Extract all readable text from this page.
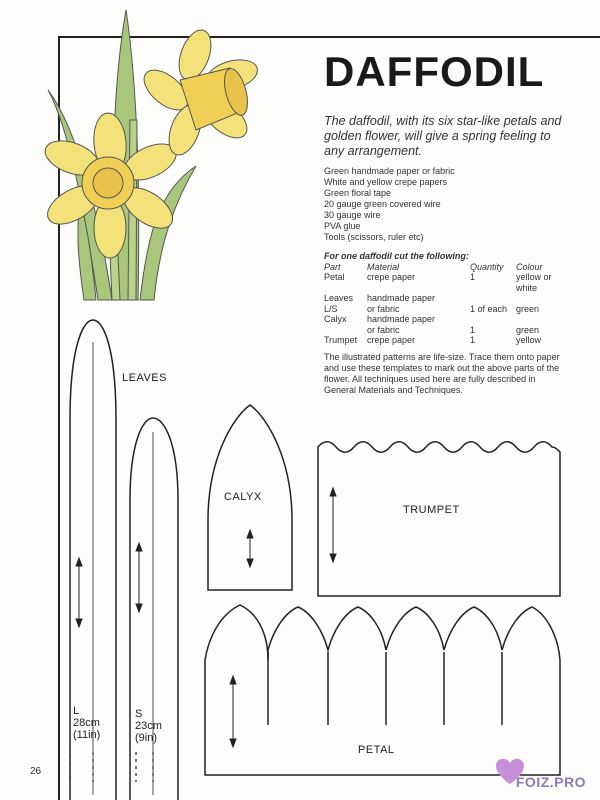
DAFFODIL
The daffodil, with its six star-like petals and golden flower, will give a spring feeling to any arrangement.
Green handmade paper or fabric
White and yellow crepe papers
Green floral tape
20 gauge green covered wire
30 gauge wire
PVA glue
Tools (scissors, ruler etc)
For one daffodil cut the following:
Part	Material	Quantity	Colour
Petal	crepe paper	1	yellow or
			white
Leaves	handmade paper		
L/S	or fabric	1 of each	green
Calyx	handmade paper		
	or fabric	1	green
Trumpet	crepe paper	1	yellow
The illustrated patterns are life-size. Trace them onto paper and use these templates to mark out the above parts of the flower. All techniques used here are fully described in General Materials and Techniques.
LEAVES
CALYX
TRUMPET
PETAL
L
28cm
(11in)
S
23cm
(9in)
26
FOIZ.PRO
